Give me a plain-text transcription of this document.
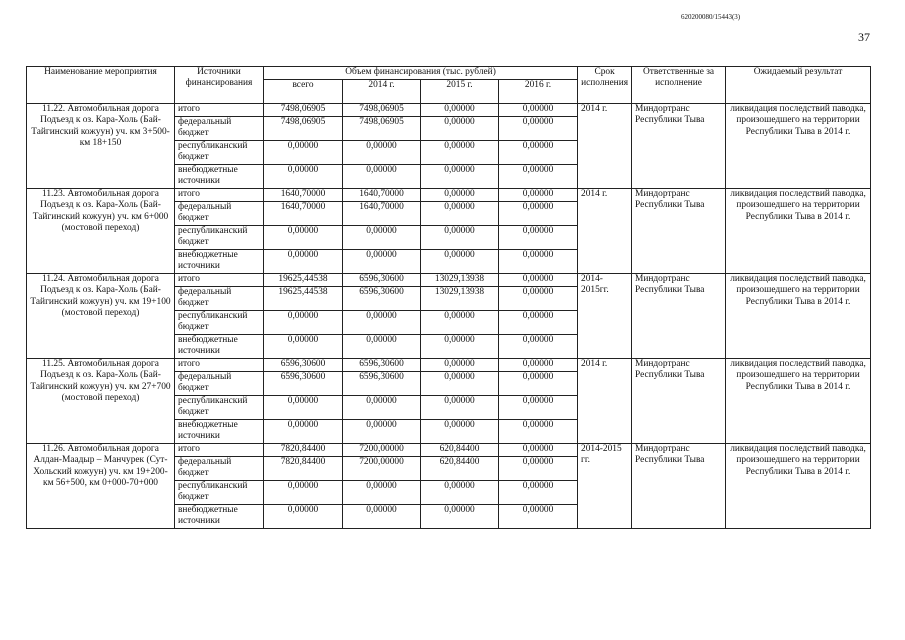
620200080/15443(3)
37
Наименование мероприятия	Источники финансирования	Объем финансирования (тыс. рублей)				Срок исполнения	Ответственные за исполнение	Ожидаемый результат
		всего	2014 г.	2015 г.	2016 г.			
11.22. Автомобильная дорога Подъезд к оз. Кара-Холь (Бай-Тайгинский кожуун) уч. км 3+500-км 18+150	итого	7498,06905	7498,06905	0,00000	0,00000	2014 г.	Миндортранс Республики Тыва	ликвидация последствий паводка, произошедшего на территории Республики Тыва в 2014 г.
	федеральный бюджет	7498,06905	7498,06905	0,00000	0,00000			
	республиканский бюджет	0,00000	0,00000	0,00000	0,00000			
	внебюджетные источники	0,00000	0,00000	0,00000	0,00000			
11.23. Автомобильная дорога Подъезд к оз. Кара-Холь (Бай-Тайгинский кожуун) уч. км 6+000 (мостовой переход)	итого	1640,70000	1640,70000	0,00000	0,00000	2014 г.	Миндортранс Республики Тыва	ликвидация последствий паводка, произошедшего на территории Республики Тыва в 2014 г.
	федеральный бюджет	1640,70000	1640,70000	0,00000	0,00000			
	республиканский бюджет	0,00000	0,00000	0,00000	0,00000			
	внебюджетные источники	0,00000	0,00000	0,00000	0,00000			
11.24. Автомобильная дорога Подъезд к оз. Кара-Холь (Бай-Тайгинский кожуун) уч. км 19+100 (мостовой переход)	итого	19625,44538	6596,30600	13029,13938	0,00000	2014-2015гг.	Миндортранс Республики Тыва	ликвидация последствий паводка, произошедшего на территории Республики Тыва в 2014 г.
	федеральный бюджет	19625,44538	6596,30600	13029,13938	0,00000			
	республиканский бюджет	0,00000	0,00000	0,00000	0,00000			
	внебюджетные источники	0,00000	0,00000	0,00000	0,00000			
11.25. Автомобильная дорога Подъезд к оз. Кара-Холь (Бай-Тайгинский кожуун) уч. км 27+700 (мостовой переход)	итого	6596,30600	6596,30600	0,00000	0,00000	2014 г.	Миндортранс Республики Тыва	ликвидация последствий паводка, произошедшего на территории Республики Тыва в 2014 г.
	федеральный бюджет	6596,30600	6596,30600	0,00000	0,00000			
	республиканский бюджет	0,00000	0,00000	0,00000	0,00000			
	внебюджетные источники	0,00000	0,00000	0,00000	0,00000			
11.26. Автомобильная дорога Алдан-Маадыр – Манчурек (Сут-Хольский кожуун) уч. км 19+200-км 56+500, км 0+000-70+000	итого	7820,84400	7200,00000	620,84400	0,00000	2014-2015 гг.	Миндортранс Республики Тыва	ликвидация последствий паводка, произошедшего на территории Республики Тыва в 2014 г.
	федеральный бюджет	7820,84400	7200,00000	620,84400	0,00000			
	республиканский бюджет	0,00000	0,00000	0,00000	0,00000			
	внебюджетные источники	0,00000	0,00000	0,00000	0,00000			
